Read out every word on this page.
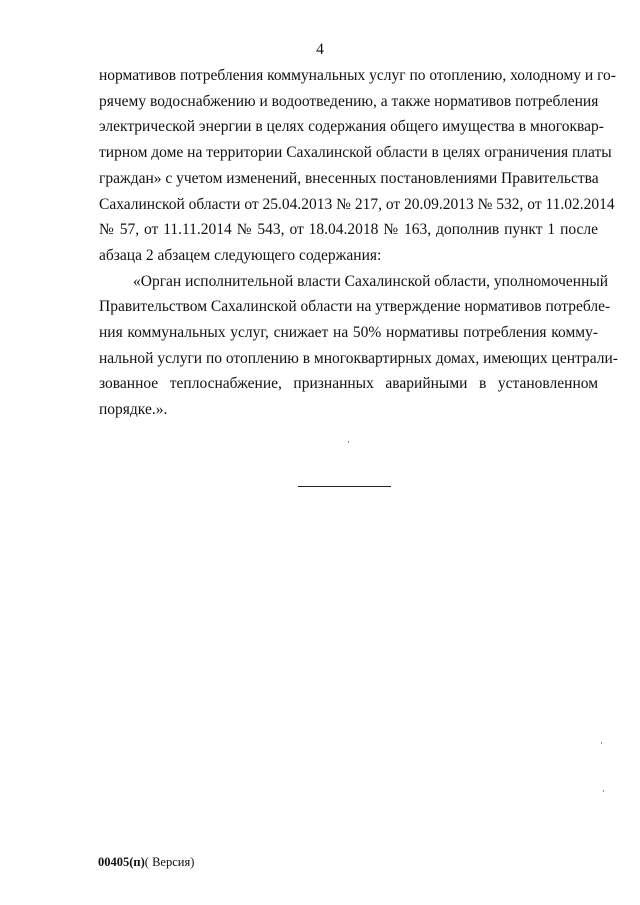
4
нормативов потребления коммунальных услуг по отоплению, холодному и го-
рячему водоснабжению и водоотведению, а также нормативов потребления
электрической энергии в целях содержания общего имущества в многоквар-
тирном доме на территории Сахалинской области в целях ограничения платы
граждан» с учетом изменений, внесенных постановлениями Правительства
Сахалинской области от 25.04.2013 № 217, от 20.09.2013 № 532, от 11.02.2014
№ 57, от 11.11.2014 № 543, от 18.04.2018 № 163, дополнив пункт 1 после
абзаца 2 абзацем следующего содержания:
«Орган исполнительной власти Сахалинской области, уполномоченный
Правительством Сахалинской области на утверждение нормативов потребле-
ния коммунальных услуг, снижает на 50% нормативы потребления комму-
нальной услуги по отоплению в многоквартирных домах, имеющих централи-
зованное теплоснабжение, признанных аварийными в установленном
порядке.».
00405(п)( Версия)
